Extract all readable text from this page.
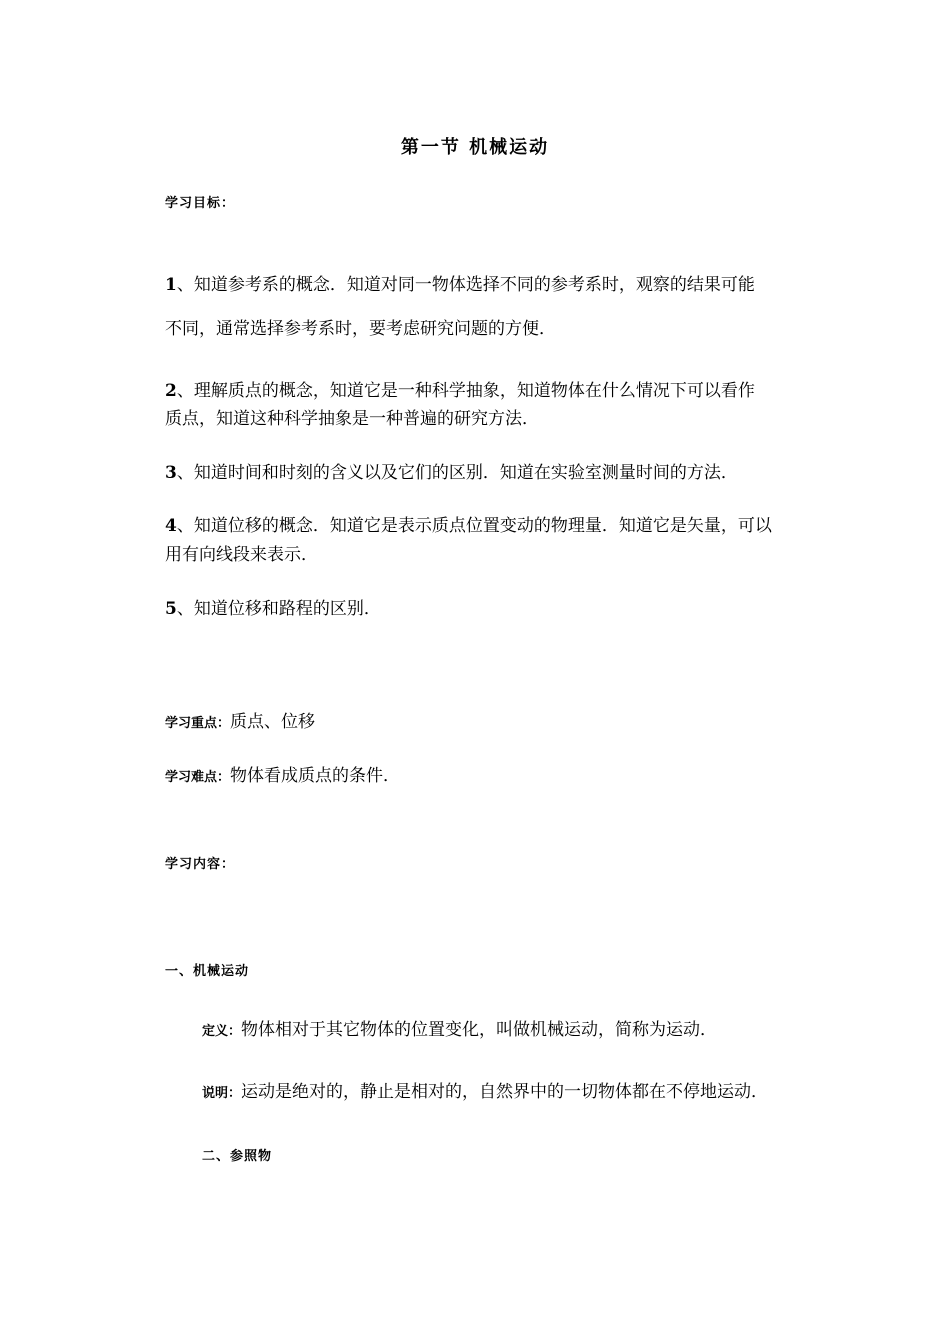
第一节 机械运动
学习目标：
1、知道参考系的概念．知道对同一物体选择不同的参考系时，观察的结果可能
不同，通常选择参考系时，要考虑研究问题的方便．
2、理解质点的概念，知道它是一种科学抽象，知道物体在什么情况下可以看作
质点，知道这种科学抽象是一种普遍的研究方法．
3、知道时间和时刻的含义以及它们的区别．知道在实验室测量时间的方法．
4、知道位移的概念．知道它是表示质点位置变动的物理量．知道它是矢量，可以
用有向线段来表示．
5、知道位移和路程的区别．
学习重点：质点、位移
学习难点：物体看成质点的条件．
学习内容：
一、机械运动
定义：物体相对于其它物体的位置变化，叫做机械运动，简称为运动．
说明：运动是绝对的，静止是相对的，自然界中的一切物体都在不停地运动．
二、参照物
